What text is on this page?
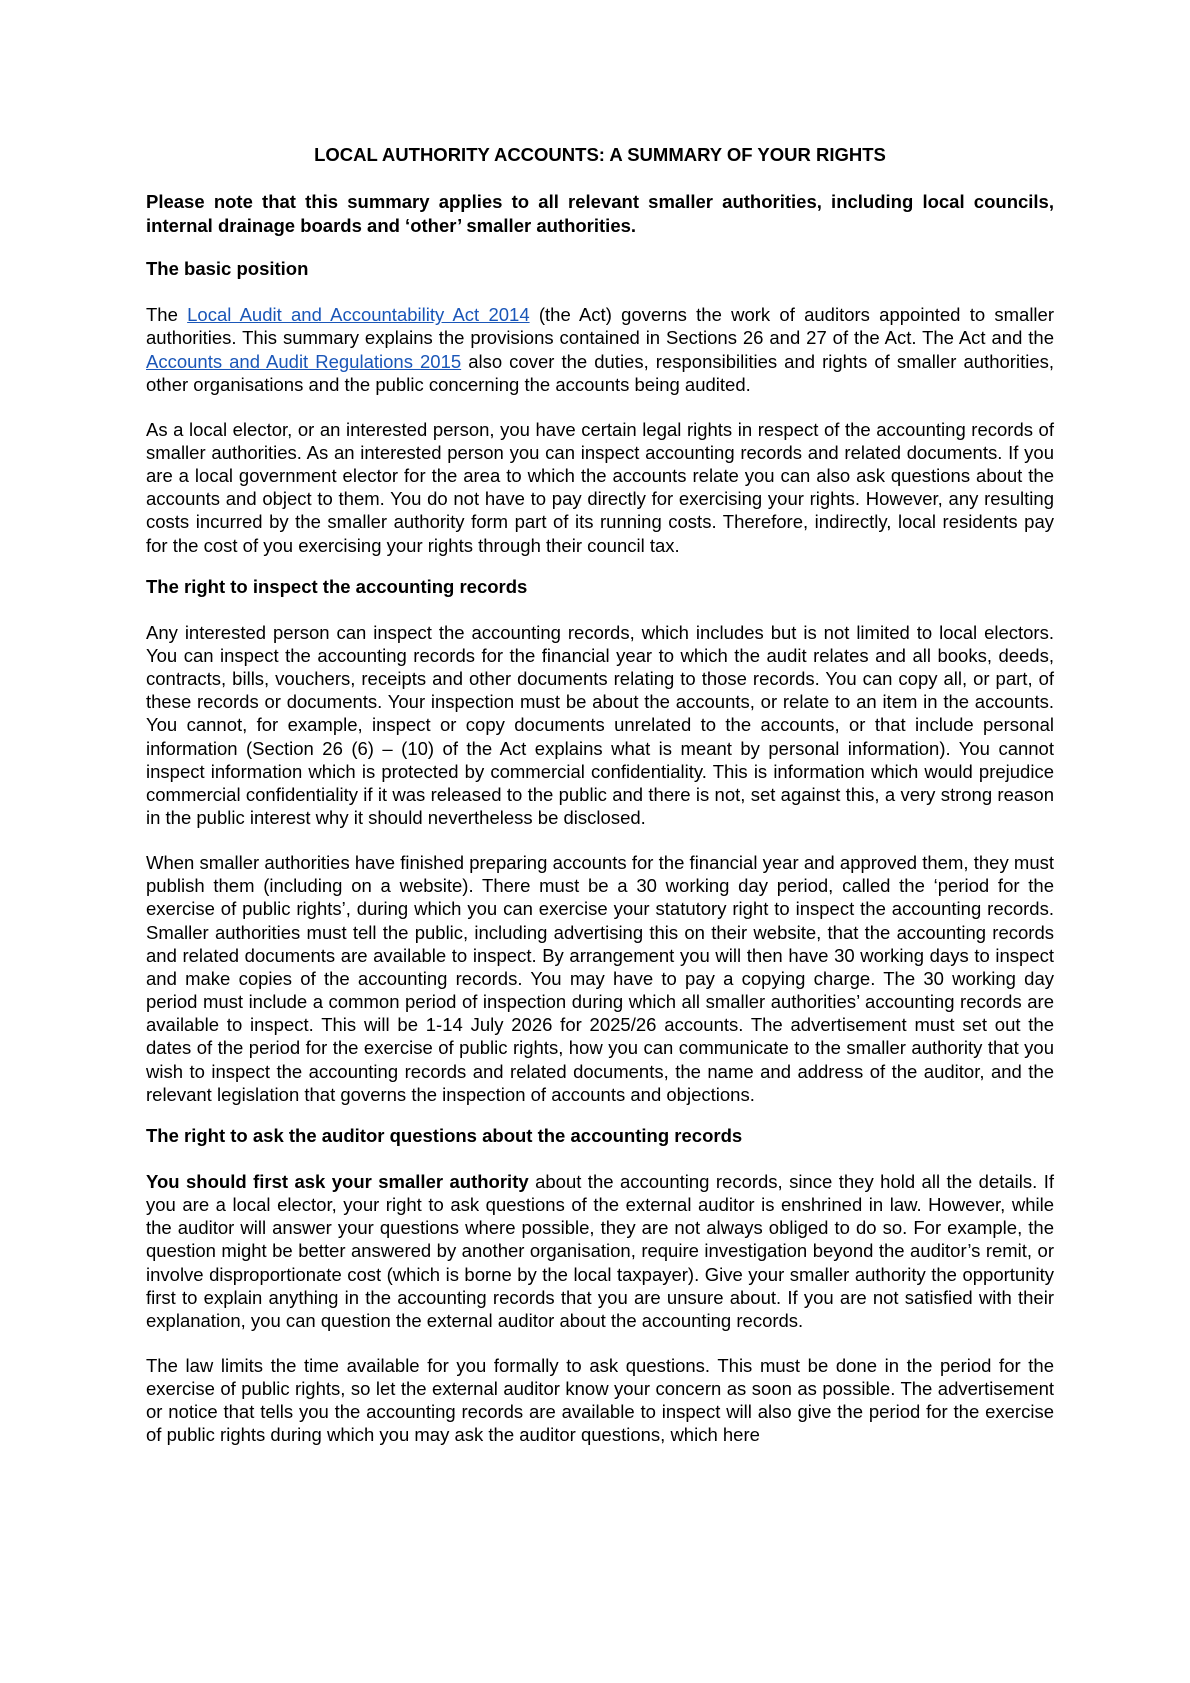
LOCAL AUTHORITY ACCOUNTS: A SUMMARY OF YOUR RIGHTS

Please note that this summary applies to all relevant smaller authorities, including local councils, internal drainage boards and ‘other’ smaller authorities.

The basic position

The Local Audit and Accountability Act 2014 (the Act) governs the work of auditors appointed to smaller authorities. This summary explains the provisions contained in Sections 26 and 27 of the Act. The Act and the Accounts and Audit Regulations 2015 also cover the duties, responsibilities and rights of smaller authorities, other organisations and the public concerning the accounts being audited.

As a local elector, or an interested person, you have certain legal rights in respect of the accounting records of smaller authorities. As an interested person you can inspect accounting records and related documents. If you are a local government elector for the area to which the accounts relate you can also ask questions about the accounts and object to them. You do not have to pay directly for exercising your rights. However, any resulting costs incurred by the smaller authority form part of its running costs. Therefore, indirectly, local residents pay for the cost of you exercising your rights through their council tax.

The right to inspect the accounting records

Any interested person can inspect the accounting records, which includes but is not limited to local electors. You can inspect the accounting records for the financial year to which the audit relates and all books, deeds, contracts, bills, vouchers, receipts and other documents relating to those records. You can copy all, or part, of these records or documents. Your inspection must be about the accounts, or relate to an item in the accounts. You cannot, for example, inspect or copy documents unrelated to the accounts, or that include personal information (Section 26 (6) – (10) of the Act explains what is meant by personal information). You cannot inspect information which is protected by commercial confidentiality. This is information which would prejudice commercial confidentiality if it was released to the public and there is not, set against this, a very strong reason in the public interest why it should nevertheless be disclosed.

When smaller authorities have finished preparing accounts for the financial year and approved them, they must publish them (including on a website). There must be a 30 working day period, called the ‘period for the exercise of public rights’, during which you can exercise your statutory right to inspect the accounting records. Smaller authorities must tell the public, including advertising this on their website, that the accounting records and related documents are available to inspect. By arrangement you will then have 30 working days to inspect and make copies of the accounting records. You may have to pay a copying charge. The 30 working day period must include a common period of inspection during which all smaller authorities’ accounting records are available to inspect. This will be 1-14 July 2026 for 2025/26 accounts. The advertisement must set out the dates of the period for the exercise of public rights, how you can communicate to the smaller authority that you wish to inspect the accounting records and related documents, the name and address of the auditor, and the relevant legislation that governs the inspection of accounts and objections.

The right to ask the auditor questions about the accounting records

You should first ask your smaller authority about the accounting records, since they hold all the details. If you are a local elector, your right to ask questions of the external auditor is enshrined in law. However, while the auditor will answer your questions where possible, they are not always obliged to do so. For example, the question might be better answered by another organisation, require investigation beyond the auditor’s remit, or involve disproportionate cost (which is borne by the local taxpayer). Give your smaller authority the opportunity first to explain anything in the accounting records that you are unsure about. If you are not satisfied with their explanation, you can question the external auditor about the accounting records.

The law limits the time available for you formally to ask questions. This must be done in the period for the exercise of public rights, so let the external auditor know your concern as soon as possible. The advertisement or notice that tells you the accounting records are available to inspect will also give the period for the exercise of public rights during which you may ask the auditor questions, which here
